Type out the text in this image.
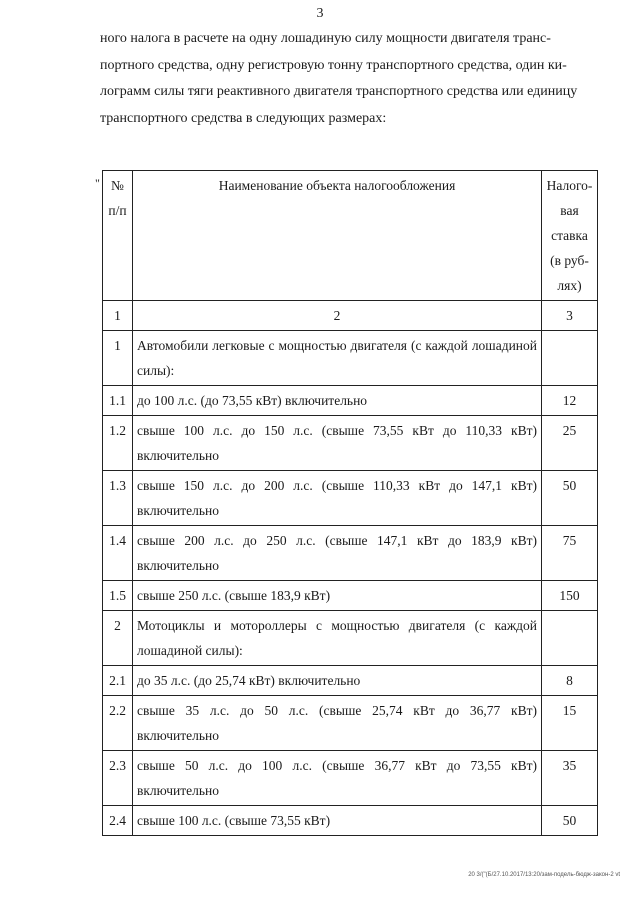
3

ного налога в расчете на одну лошадиную силу мощности двигателя транс-

портного средства, одну регистровую тонну транспортного средства, один ки-

лограмм силы тяги реактивного двигателя транспортного средства или единицу

транспортного средства в следующих размерах:

" № п/п	Наименование объекта налогообложения	Налого-вая ставка (в руб-лях)
1	2	3
1	Автомобили легковые с мощностью двигателя (с каждой лошадиной силы):	
1.1	до 100 л.с. (до 73,55 кВт) включительно	12
1.2	свыше 100 л.с. до 150 л.с. (свыше 73,55 кВт до 110,33 кВт) включительно	25
1.3	свыше 150 л.с. до 200 л.с. (свыше 110,33 кВт до 147,1 кВт) включительно	50
1.4	свыше 200 л.с. до 250 л.с. (свыше 147,1 кВт до 183,9 кВт) включительно	75
1.5	свыше 250 л.с. (свыше 183,9 кВт)	150
2	Мотоциклы и мотороллеры с мощностью двигателя (с каждой лошадиной силы):	
2.1	до 35 л.с. (до 25,74 кВт) включительно	8
2.2	свыше 35 л.с. до 50 л.с. (свыше 25,74 кВт до 36,77 кВт) включительно	15
2.3	свыше 50 л.с. до 100 л.с. (свыше 36,77 кВт до 73,55 кВт) включительно	35
2.4	свыше 100 л.с. (свыше 73,55 кВт)	50
20 3/("(Б/27.10.2017/13:20/зам-подель-бюдж-закон-2 vt
